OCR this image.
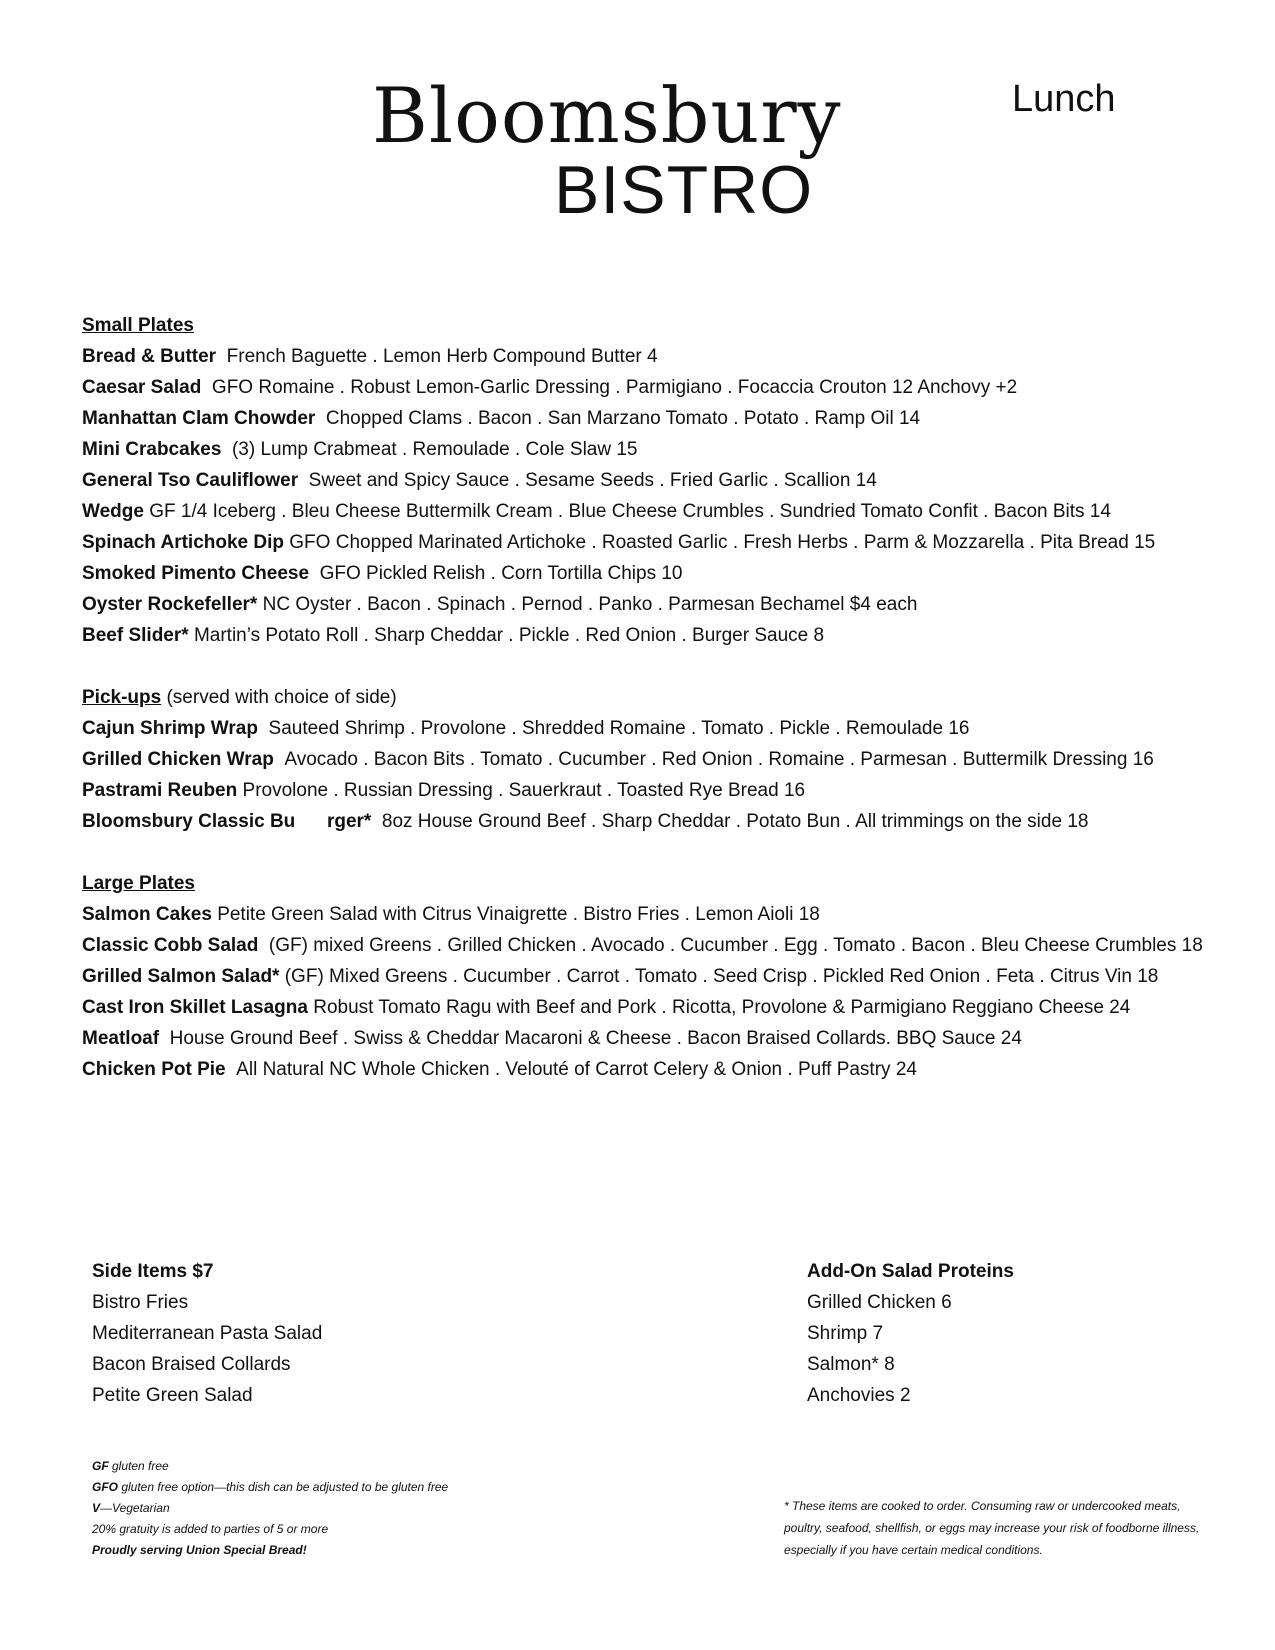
Bloomsbury
BISTRO
Lunch
Small Plates
Bread & Butter French Baguette . Lemon Herb Compound Butter 4
Caesar Salad GFO Romaine . Robust Lemon-Garlic Dressing . Parmigiano . Focaccia Crouton 12 Anchovy +2
Manhattan Clam Chowder Chopped Clams . Bacon . San Marzano Tomato . Potato . Ramp Oil 14
Mini Crabcakes (3) Lump Crabmeat . Remoulade . Cole Slaw 15
General Tso Cauliflower Sweet and Spicy Sauce . Sesame Seeds . Fried Garlic . Scallion 14
Wedge GF 1/4 Iceberg . Bleu Cheese Buttermilk Cream . Blue Cheese Crumbles . Sundried Tomato Confit . Bacon Bits 14
Spinach Artichoke Dip GFO Chopped Marinated Artichoke . Roasted Garlic . Fresh Herbs . Parm & Mozzarella . Pita Bread 15
Smoked Pimento Cheese GFO Pickled Relish . Corn Tortilla Chips 10
Oyster Rockefeller* NC Oyster . Bacon . Spinach . Pernod . Panko . Parmesan Bechamel $4 each
Beef Slider* Martin’s Potato Roll . Sharp Cheddar . Pickle . Red Onion . Burger Sauce 8
Pick-ups (served with choice of side)
Cajun Shrimp Wrap Sauteed Shrimp . Provolone . Shredded Romaine . Tomato . Pickle . Remoulade 16
Grilled Chicken Wrap Avocado . Bacon Bits . Tomato . Cucumber . Red Onion . Romaine . Parmesan . Buttermilk Dressing 16
Pastrami Reuben Provolone . Russian Dressing . Sauerkraut . Toasted Rye Bread 16
Bloomsbury Classic Bu      rger* 8oz House Ground Beef . Sharp Cheddar . Potato Bun . All trimmings on the side 18
Large Plates
Salmon Cakes Petite Green Salad with Citrus Vinaigrette . Bistro Fries . Lemon Aioli 18
Classic Cobb Salad (GF) mixed Greens . Grilled Chicken . Avocado . Cucumber . Egg . Tomato . Bacon . Bleu Cheese Crumbles 18
Grilled Salmon Salad* (GF) Mixed Greens . Cucumber . Carrot . Tomato . Seed Crisp . Pickled Red Onion . Feta . Citrus Vin 18
Cast Iron Skillet Lasagna Robust Tomato Ragu with Beef and Pork . Ricotta, Provolone & Parmigiano Reggiano Cheese 24
Meatloaf House Ground Beef . Swiss & Cheddar Macaroni & Cheese . Bacon Braised Collards. BBQ Sauce 24
Chicken Pot Pie All Natural NC Whole Chicken . Velouté of Carrot Celery & Onion . Puff Pastry 24
Side Items $7
Bistro Fries
Mediterranean Pasta Salad
Bacon Braised Collards
Petite Green Salad
Add-On Salad Proteins
Grilled Chicken 6
Shrimp 7
Salmon* 8
Anchovies 2
GF gluten free
GFO gluten free option—this dish can be adjusted to be gluten free
V—Vegetarian
20% gratuity is added to parties of 5 or more
Proudly serving Union Special Bread!
* These items are cooked to order. Consuming raw or undercooked meats, poultry, seafood, shellfish, or eggs may increase your risk of foodborne illness, especially if you have certain medical conditions.
